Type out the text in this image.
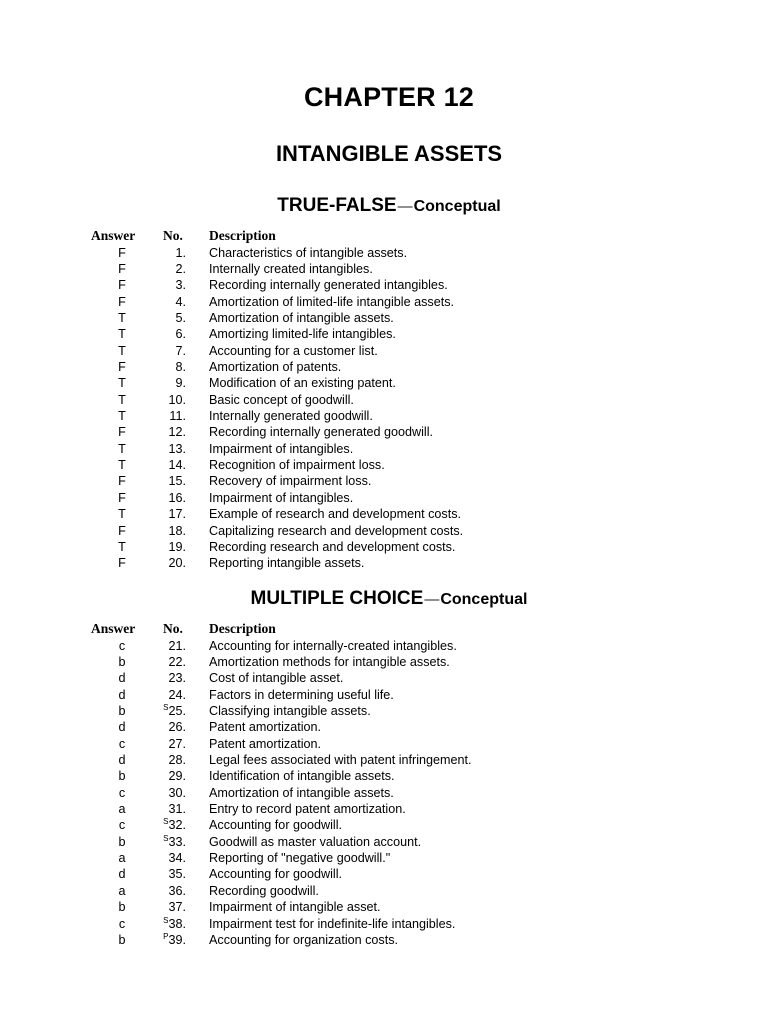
CHAPTER 12
INTANGIBLE ASSETS
TRUE-FALSE—Conceptual
Answer No. Description
F	1. Characteristics of intangible assets.
F	2. Internally created intangibles.
F	3. Recording internally generated intangibles.
F	4. Amortization of limited-life intangible assets.
T	5. Amortization of intangible assets.
T	6. Amortizing limited-life intangibles.
T	7. Accounting for a customer list.
F	8. Amortization of patents.
T	9. Modification of an existing patent.
T	10. Basic concept of goodwill.
T	11. Internally generated goodwill.
F	12. Recording internally generated goodwill.
T	13. Impairment of intangibles.
T	14. Recognition of impairment loss.
F	15. Recovery of impairment loss.
F	16. Impairment of intangibles.
T	17. Example of research and development costs.
F	18. Capitalizing research and development costs.
T	19. Recording research and development costs.
F	20. Reporting intangible assets.
MULTIPLE CHOICE—Conceptual
Answer No. Description
c	21. Accounting for internally-created intangibles.
b	22. Amortization methods for intangible assets.
d	23. Cost of intangible asset.
d	24. Factors in determining useful life.
b	$^S$25. Classifying intangible assets.
d	26. Patent amortization.
c	27. Patent amortization.
d	28. Legal fees associated with patent infringement.
b	29. Identification of intangible assets.
c	30. Amortization of intangible assets.
a	31. Entry to record patent amortization.
c	$^S$32. Accounting for goodwill.
b	$^S$33. Goodwill as master valuation account.
a	34. Reporting of "negative goodwill."
d	35. Accounting for goodwill.
a	36. Recording goodwill.
b	37. Impairment of intangible asset.
c	$^S$38. Impairment test for indefinite-life intangibles.
b	$^P$39. Accounting for organization costs.
